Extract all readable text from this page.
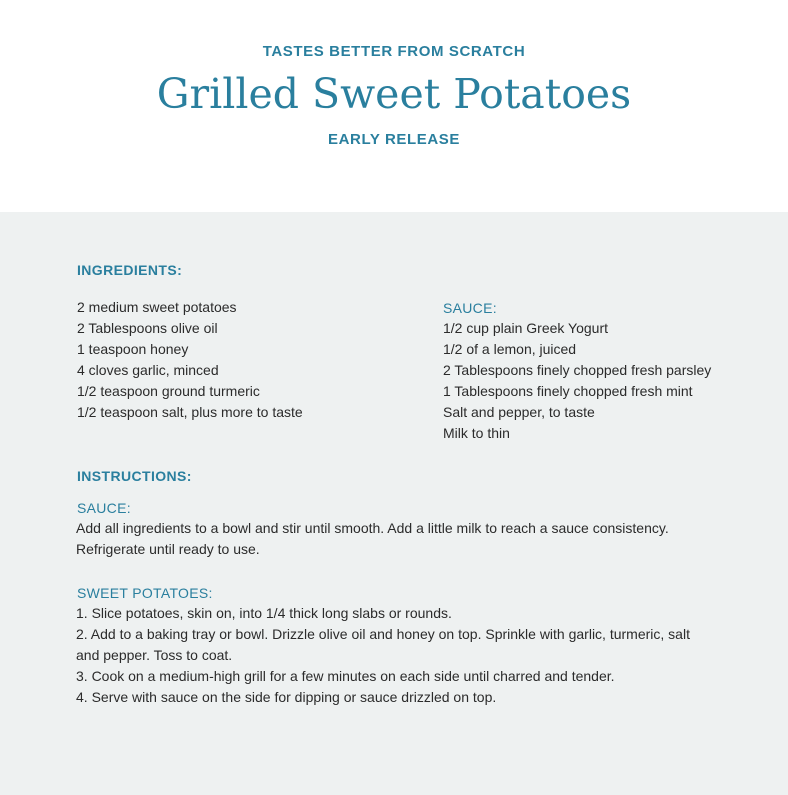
TASTES BETTER FROM SCRATCH
Grilled Sweet Potatoes
EARLY RELEASE
INGREDIENTS:
2 medium sweet potatoes
2 Tablespoons olive oil
1 teaspoon honey
4 cloves garlic, minced
1/2 teaspoon ground turmeric
1/2 teaspoon salt, plus more to taste
SAUCE:
1/2 cup plain Greek Yogurt
1/2 of a lemon, juiced
2 Tablespoons finely chopped fresh parsley
1 Tablespoons finely chopped fresh mint
Salt and pepper, to taste
Milk to thin
INSTRUCTIONS:
SAUCE:

Add all ingredients to a bowl and stir until smooth. Add a little milk to reach a sauce consistency. Refrigerate until ready to use.

SWEET POTATOES:

1. Slice potatoes, skin on, into 1/4 thick long slabs or rounds.

2. Add to a baking tray or bowl. Drizzle olive oil and honey on top. Sprinkle with garlic, turmeric, salt and pepper. Toss to coat.

3. Cook on a medium-high grill for a few minutes on each side until charred and tender.

4. Serve with sauce on the side for dipping or sauce drizzled on top.
